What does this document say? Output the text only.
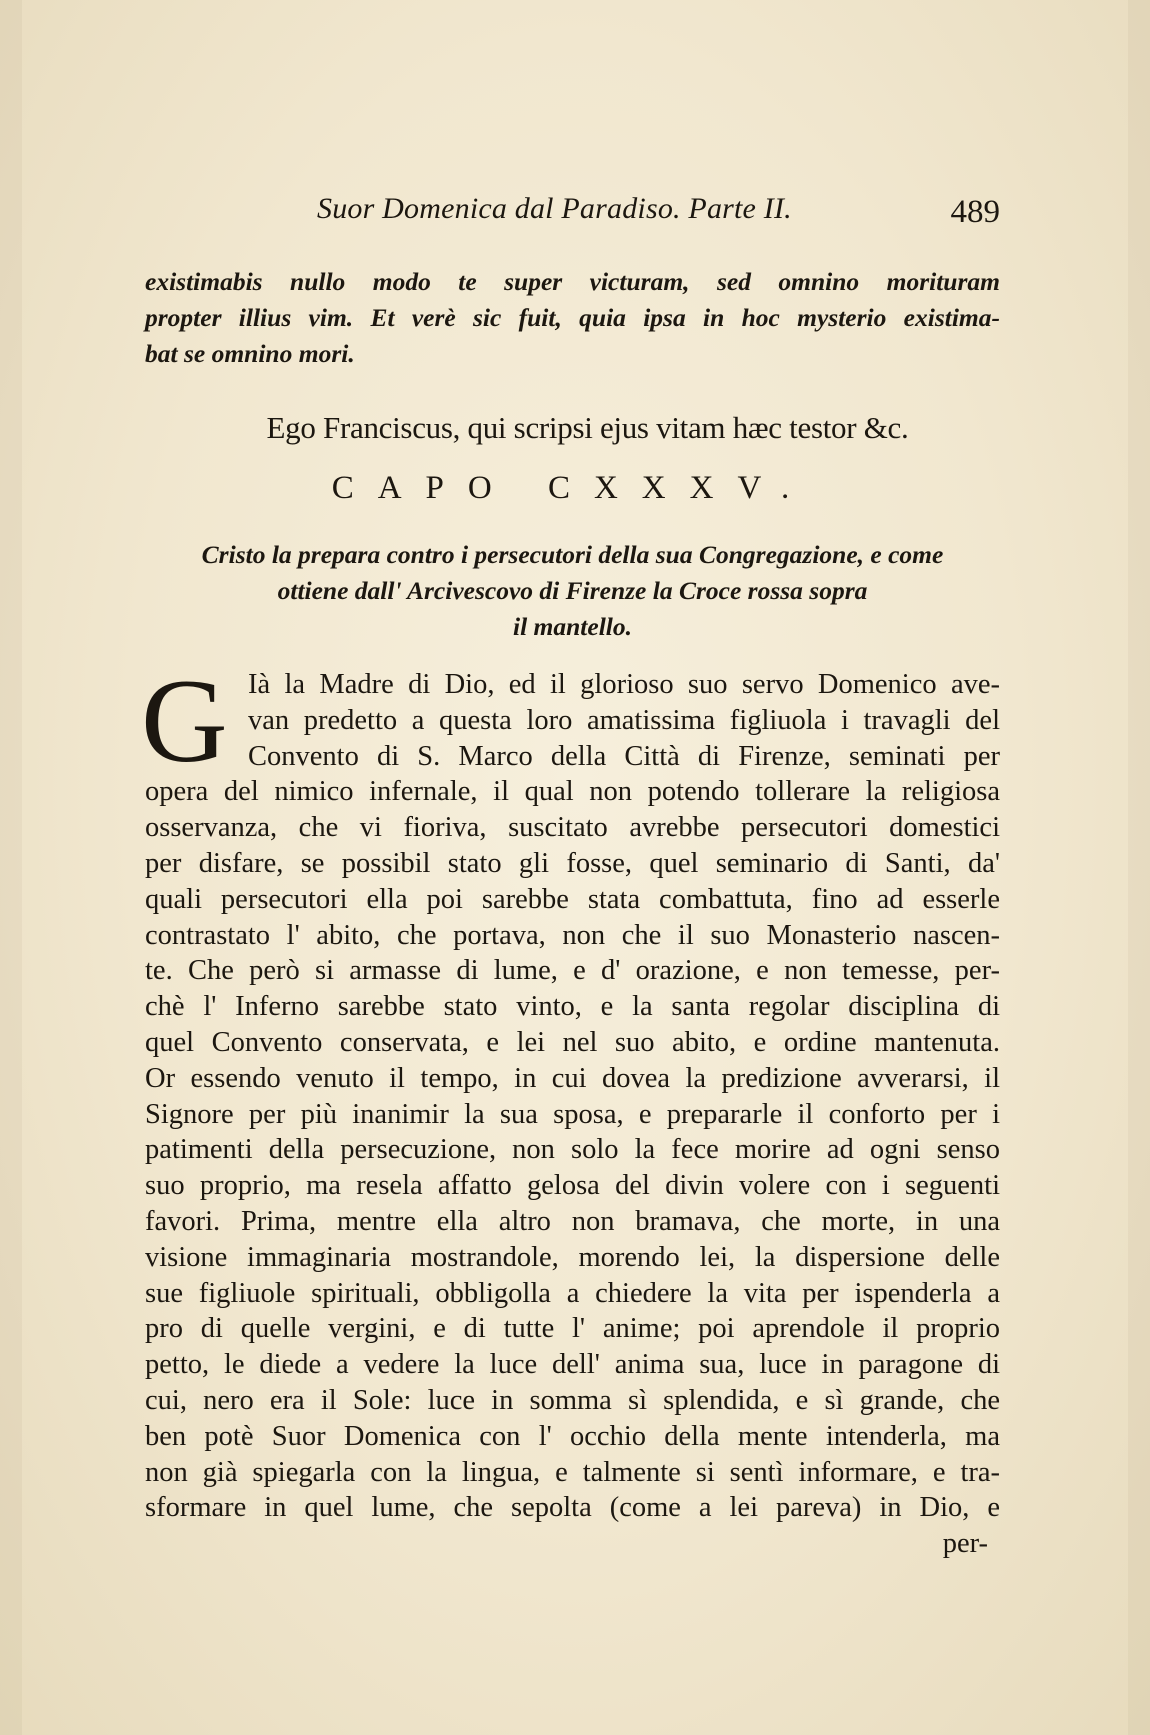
Suor Domenica dal Paradiso. Parte II.	489
existimabis nullo modo te super victuram, sed omnino morituram
propter illius vim. Et verè sic fuit, quia ipsa in hoc mysterio existima-
bat se omnino mori.
Ego Franciscus, qui scripsi ejus vitam hæc testor &c.
CAPO CXXXV.
Cristo la prepara contro i persecutori della sua Congregazione, e come
ottiene dall' Arcivescovo di Firenze la Croce rossa sopra
il mantello.
G Ià la Madre di Dio, ed il glorioso suo servo Domenico ave-
van predetto a questa loro amatissima figliuola i travagli del
Convento di S. Marco della Città di Firenze, seminati per
opera del nimico infernale, il qual non potendo tollerare la religiosa
osservanza, che vi fioriva, suscitato avrebbe persecutori domestici
per disfare, se possibil stato gli fosse, quel seminario di Santi, da'
quali persecutori ella poi sarebbe stata combattuta, fino ad esserle
contrastato l' abito, che portava, non che il suo Monasterio nascen-
te. Che però si armasse di lume, e d' orazione, e non temesse, per-
chè l' Inferno sarebbe stato vinto, e la santa regolar disciplina di
quel Convento conservata, e lei nel suo abito, e ordine mantenuta.
Or essendo venuto il tempo, in cui dovea la predizione avverarsi, il
Signore per più inanimir la sua sposa, e prepararle il conforto per i
patimenti della persecuzione, non solo la fece morire ad ogni senso
suo proprio, ma resela affatto gelosa del divin volere con i seguenti
favori. Prima, mentre ella altro non bramava, che morte, in una
visione immaginaria mostrandole, morendo lei, la dispersione delle
sue figliuole spirituali, obbligolla a chiedere la vita per ispenderla a
pro di quelle vergini, e di tutte l' anime; poi aprendole il proprio
petto, le diede a vedere la luce dell' anima sua, luce in paragone di
cui, nero era il Sole: luce in somma sì splendida, e sì grande, che
ben potè Suor Domenica con l' occhio della mente intenderla, ma
non già spiegarla con la lingua, e talmente si sentì informare, e tra-
sformare in quel lume, che sepolta (come a lei pareva) in Dio, e
per-
